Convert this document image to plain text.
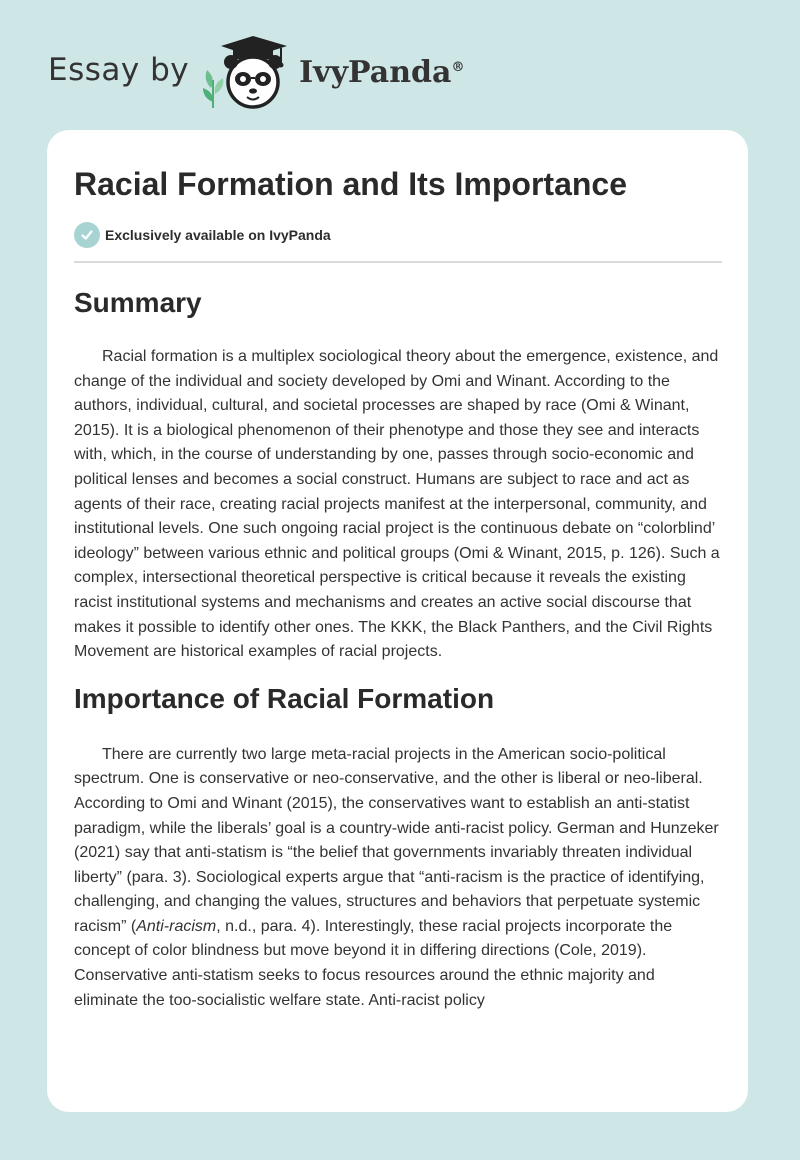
Essay by	IvyPanda®
Racial Formation and Its Importance
Exclusively available on IvyPanda
Summary

Racial formation is a multiplex sociological theory about the emergence, existence, and change of the individual and society developed by Omi and Winant. According to the authors, individual, cultural, and societal processes are shaped by race (Omi & Winant, 2015). It is a biological phenomenon of their phenotype and those they see and interacts with, which, in the course of understanding by one, passes through socio-economic and political lenses and becomes a social construct. Humans are subject to race and act as agents of their race, creating racial projects manifest at the interpersonal, community, and institutional levels. One such ongoing racial project is the continuous debate on “colorblind’ ideology” between various ethnic and political groups (Omi & Winant, 2015, p. 126). Such a complex, intersectional theoretical perspective is critical because it reveals the existing racist institutional systems and mechanisms and creates an active social discourse that makes it possible to identify other ones. The KKK, the Black Panthers, and the Civil Rights Movement are historical examples of racial projects.

Importance of Racial Formation

There are currently two large meta-racial projects in the American socio-political spectrum. One is conservative or neo-conservative, and the other is liberal or neo-liberal. According to Omi and Winant (2015), the conservatives want to establish an anti-statist paradigm, while the liberals’ goal is a country-wide anti-racist policy. German and Hunzeker (2021) say that anti-statism is “the belief that governments invariably threaten individual liberty” (para. 3). Sociological experts argue that “anti-racism is the practice of identifying, challenging, and changing the values, structures and behaviors that perpetuate systemic racism” (Anti-racism, n.d., para. 4). Interestingly, these racial projects incorporate the concept of color blindness but move beyond it in differing directions (Cole, 2019). Conservative anti-statism seeks to focus resources around the ethnic majority and eliminate the too-socialistic welfare state. Anti-racist policy
